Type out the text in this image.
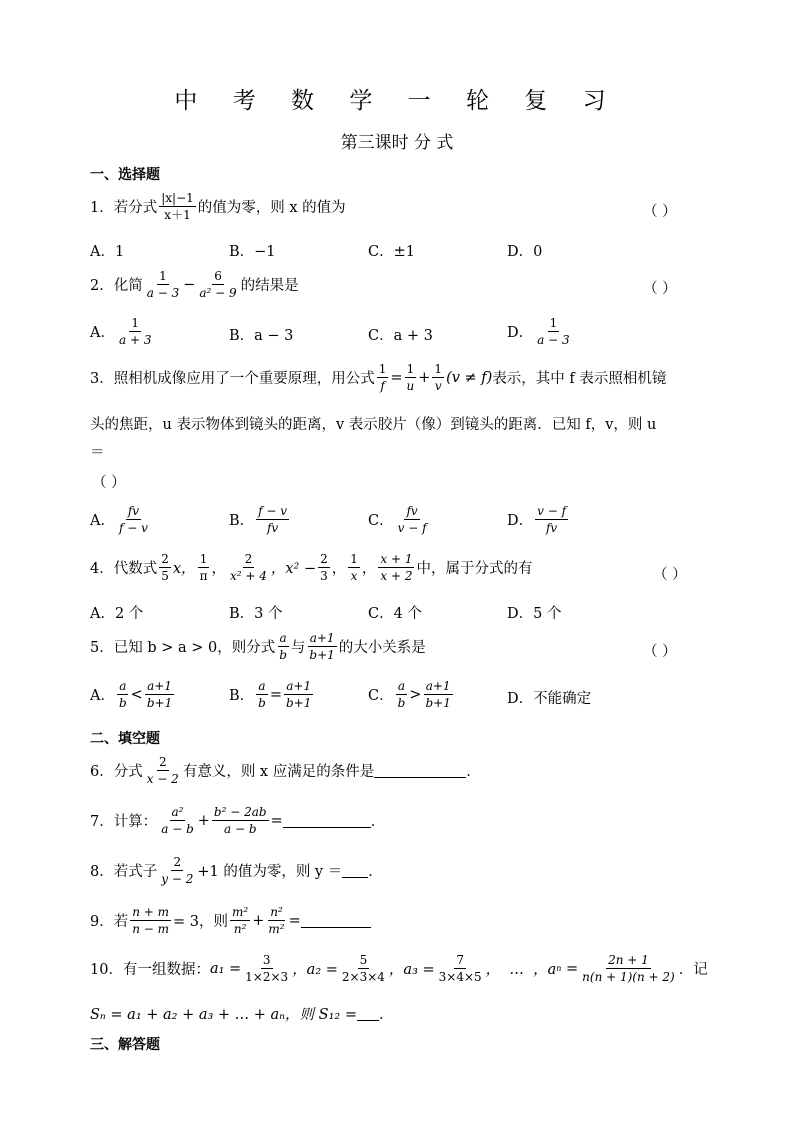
中 考 数 学 一 轮 复 习
第三课时 分 式
一、选择题
1．若分式 $\frac{|x|-1}{x+1}$ 的值为零，则 x 的值为	（ ）
A．1	B．−1	C．±1	D．0
2．化简 $\frac{1}{a - 3} - \frac{6}{\text{a² − 9}}$ 的结果是	（ ）
A． $\frac{1}{a + 3}$	B．a − 3	C．a + 3	D． $\frac{1}{a - 3}$
3．照相机成像应用了一个重要原理，用公式 $\frac{1}{f} = \frac{1}{u} + \frac{1}{v} (v \ne f)$ 表示，其中 f 表示照相机镜
头的焦距，u 表示物体到镜头的距离，v 表示胶片（像）到镜头的距离．已知 f，v，则 u
＝
（ ）
A． $\frac{fv}{f - v}$	B． $\frac{f - v}{fv}$	C． $\frac{fv}{v - f}$	D． $\frac{v - f}{fv}$
4．代数式 $\frac{2}{5}$ x， $\frac{1}{\pi}$ ， $\frac{2}{\text{x² + 4}}$ ，$x^2 - \frac{2}{3}$ ， $\frac{1}{x}$ ， $\frac{x + 1}{x + 2}$ 中，属于分式的有	（ ）
A．2 个	B．3 个	C．4 个	D．5 个
5．已知 b > a > 0，则分式 $\frac{a}{b}$ 与 $\frac{a+1}{b+1}$ 的大小关系是	（ ）
A． $\frac{a}{b} < \frac{a+1}{b+1}$	B． $\frac{a}{b} = \frac{a+1}{b+1}$	C． $\frac{a}{b} > \frac{a+1}{b+1}$	D．不能确定
二、填空题
6．分式 $\frac{2}{x - 2}$ 有意义，则 x 应满足的条件是	．
7．计算： $\frac{\text{a²}}{a - b} + \frac{\text{b² − 2ab}}{a - b}$ =	．
8．若式子 $\frac{2}{y - 2} +1$ 的值为零，则 y ＝ ．
9．若 $\frac{n + m}{n - m} = 3$，则 $\frac{\text{m²}}{\text{n²}} + \frac{\text{n²}}{\text{m²}}$ =
10．有一组数据： $a_1 = \frac{3}{1\times 2\times 3}$ ，$a_2 = \frac{5}{2\times 3\times 4}$ ，$a_3 = \frac{7}{3\times 4\times 5}$ ，  …  ，a $n = \frac{2n + 1}{n(n + 1)(n + 2)}$ ．记
Sₙ = a₁ + a₂ + a₃ + … + aₙ，则 S₁₂ = ．
三、解答题
